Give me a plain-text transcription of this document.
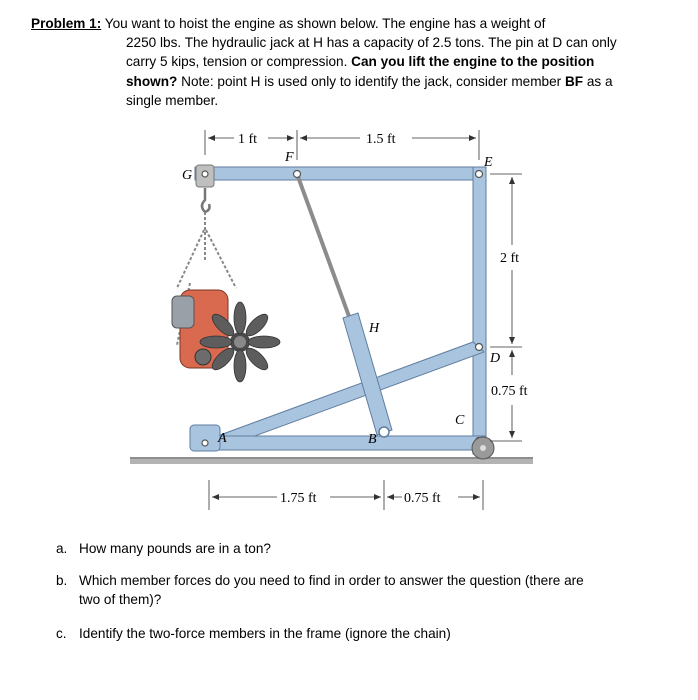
Problem 1: You want to hoist the engine as shown below. The engine has a weight of
2250 lbs. The hydraulic jack at H has a capacity of 2.5 tons. The pin at D can only
carry 5 kips, tension or compression. Can you lift the engine to the position
shown? Note: point H is used only to identify the jack, consider member BF as a
single member.
1 ft	1.5 ft
2 ft
0.75 ft
1.75 ft	0.75 ft
G
F	E
H
D
C
B
A
a. How many pounds are in a ton?
b. Which member forces do you need to find in order to answer the question (there are
two of them)?
c. Identify the two-force members in the frame (ignore the chain)
